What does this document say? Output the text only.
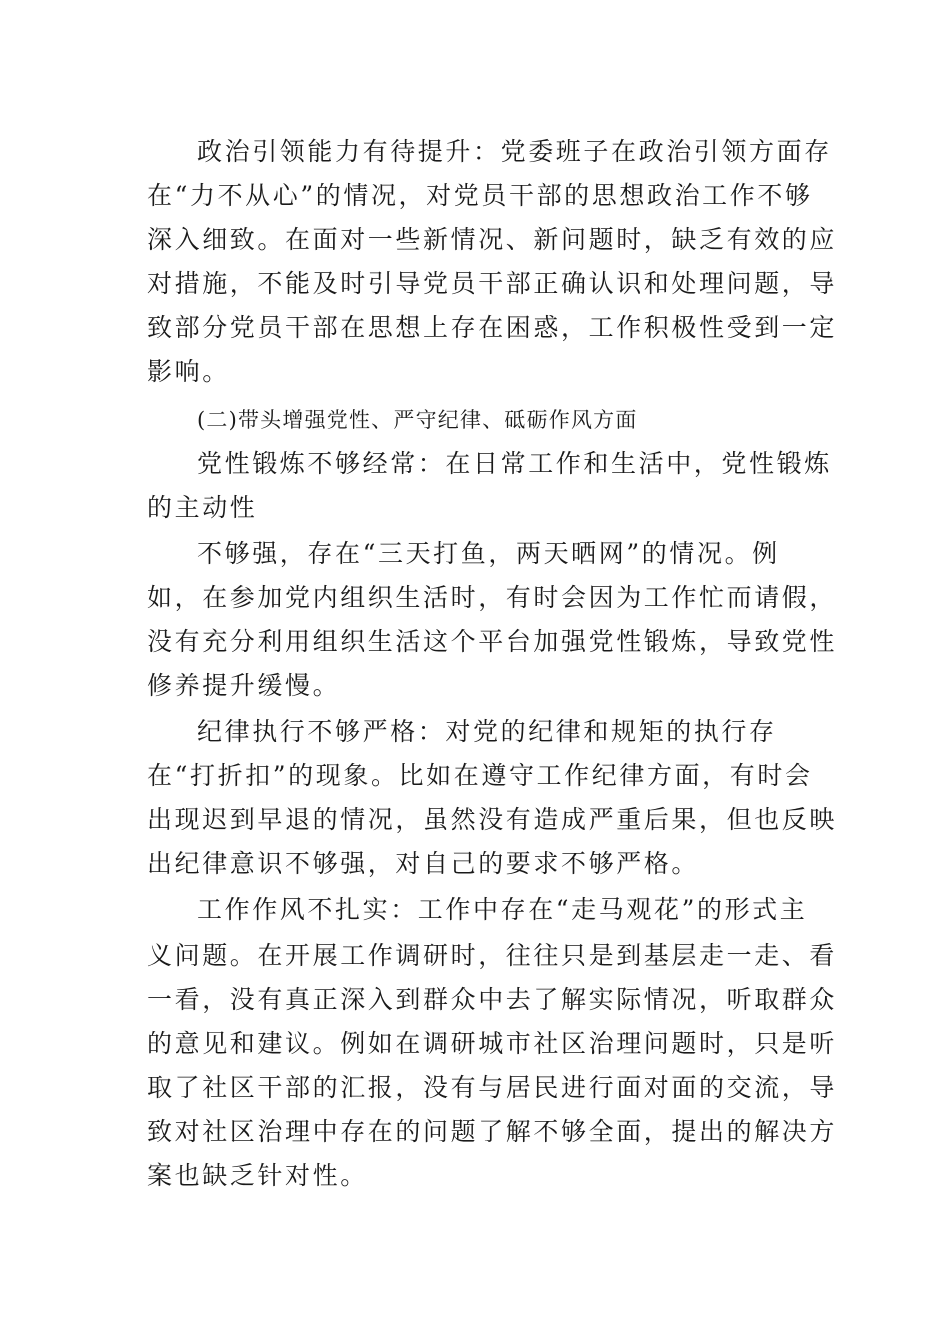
政治引领能力有待提升：党委班子在政治引领方面存
在“力不从心”的情况，对党员干部的思想政治工作不够
深入细致。在面对一些新情况、新问题时，缺乏有效的应
对措施，不能及时引导党员干部正确认识和处理问题，导
致部分党员干部在思想上存在困惑，工作积极性受到一定
影响。
(二)带头增强党性、严守纪律、砥砺作风方面
党性锻炼不够经常：在日常工作和生活中，党性锻炼
的主动性
不够强，存在“三天打鱼，两天晒网”的情况。例
如，在参加党内组织生活时，有时会因为工作忙而请假，
没有充分利用组织生活这个平台加强党性锻炼，导致党性
修养提升缓慢。
纪律执行不够严格：对党的纪律和规矩的执行存
在“打折扣”的现象。比如在遵守工作纪律方面，有时会
出现迟到早退的情况，虽然没有造成严重后果，但也反映
出纪律意识不够强，对自己的要求不够严格。
工作作风不扎实：工作中存在“走马观花”的形式主
义问题。在开展工作调研时，往往只是到基层走一走、看
一看，没有真正深入到群众中去了解实际情况，听取群众
的意见和建议。例如在调研城市社区治理问题时，只是听
取了社区干部的汇报，没有与居民进行面对面的交流，导
致对社区治理中存在的问题了解不够全面，提出的解决方
案也缺乏针对性。
